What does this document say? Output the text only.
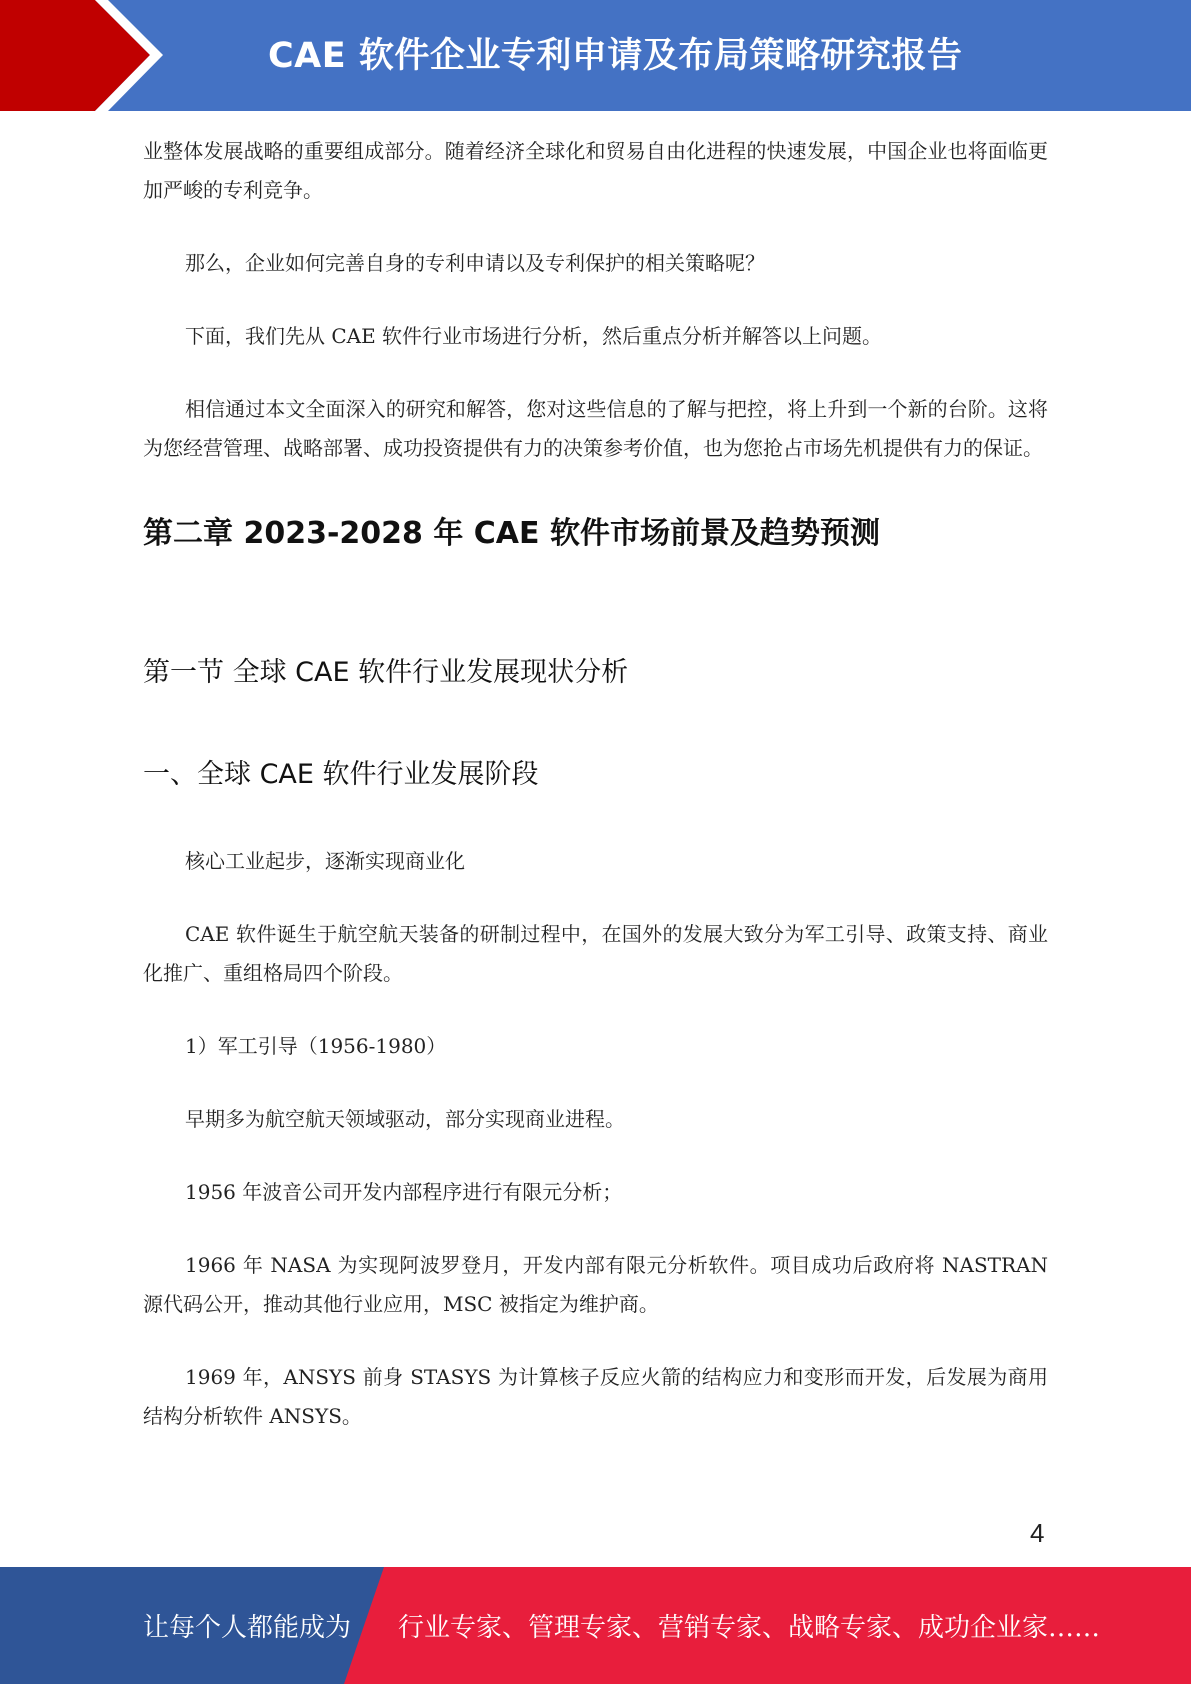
CAE 软件企业专利申请及布局策略研究报告

业整体发展战略的重要组成部分。随着经济全球化和贸易自由化进程的快速发展，中国企业也将面临更加严峻的专利竞争。

那么，企业如何完善自身的专利申请以及专利保护的相关策略呢？

下面，我们先从 CAE 软件行业市场进行分析，然后重点分析并解答以上问题。

相信通过本文全面深入的研究和解答，您对这些信息的了解与把控，将上升到一个新的台阶。这将为您经营管理、战略部署、成功投资提供有力的决策参考价值，也为您抢占市场先机提供有力的保证。

第二章 2023-2028 年 CAE 软件市场前景及趋势预测
第一节 全球 CAE 软件行业发展现状分析
一、全球 CAE 软件行业发展阶段

核心工业起步，逐渐实现商业化

CAE 软件诞生于航空航天装备的研制过程中，在国外的发展大致分为军工引导、政策支持、商业化推广、重组格局四个阶段。

1）军工引导（1956-1980）

早期多为航空航天领域驱动，部分实现商业进程。

1956 年波音公司开发内部程序进行有限元分析；

1966 年 NASA 为实现阿波罗登月，开发内部有限元分析软件。项目成功后政府将 NASTRAN 源代码公开，推动其他行业应用，MSC 被指定为维护商。

1969 年，ANSYS 前身 STASYS 为计算核子反应火箭的结构应力和变形而开发，后发展为商用结构分析软件 ANSYS。

4
让每个人都能成为 行业专家、管理专家、营销专家、战略专家、成功企业家……
